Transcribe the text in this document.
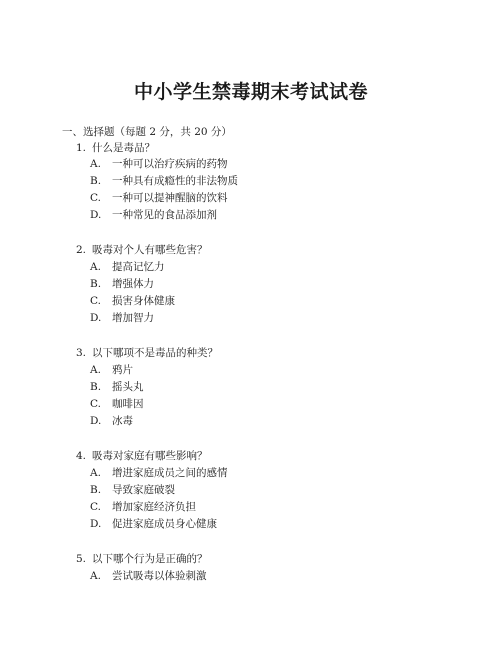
中小学生禁毒期末考试试卷
一、选择题（每题 2 分，共 20 分）
1. 什么是毒品？
A. 一种可以治疗疾病的药物
B. 一种具有成瘾性的非法物质
C. 一种可以提神醒脑的饮料
D. 一种常见的食品添加剂
2. 吸毒对个人有哪些危害？
A. 提高记忆力
B. 增强体力
C. 损害身体健康
D. 增加智力
3. 以下哪项不是毒品的种类？
A. 鸦片
B. 摇头丸
C. 咖啡因
D. 冰毒
4. 吸毒对家庭有哪些影响？
A. 增进家庭成员之间的感情
B. 导致家庭破裂
C. 增加家庭经济负担
D. 促进家庭成员身心健康
5. 以下哪个行为是正确的？
A. 尝试吸毒以体验刺激
